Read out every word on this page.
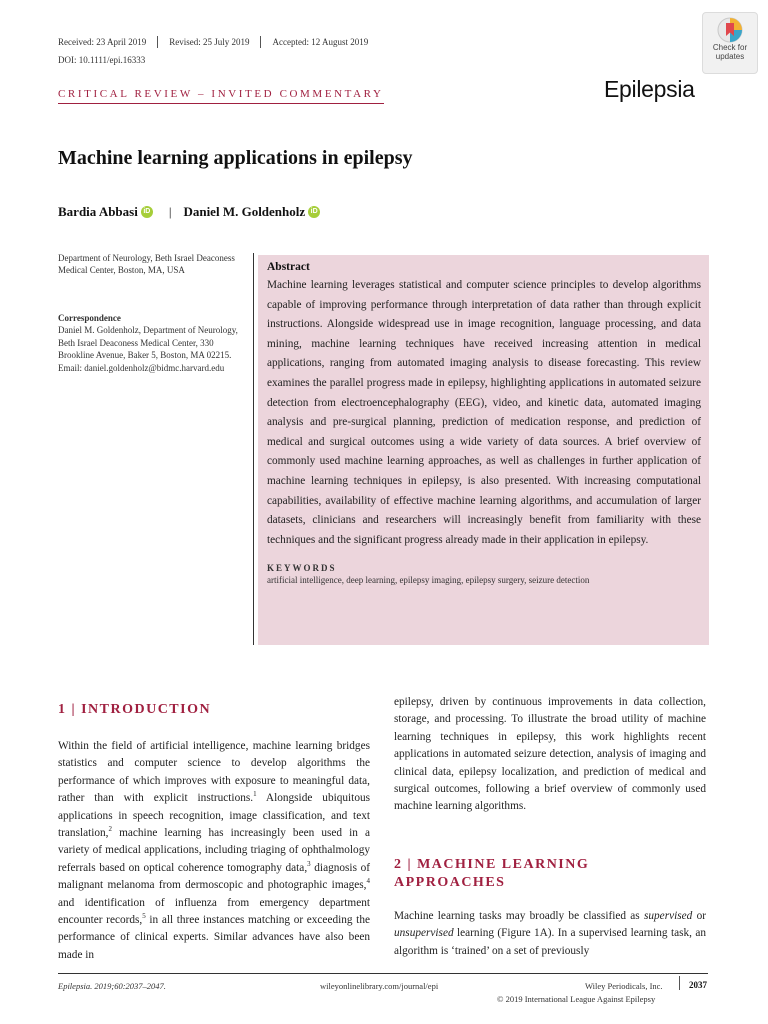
Received: 23 April 2019	Revised: 25 July 2019	Accepted: 12 August 2019
DOI: 10.1111/epi.16333
Check for
updates
CRITICAL REVIEW – INVITED COMMENTARY	Epilepsia
Machine learning applications in epilepsy
Bardia Abbasi iD | Daniel M. Goldenholz iD
Department of Neurology, Beth Israel Deaconess Medical Center, Boston, MA, USA
Correspondence
Daniel M. Goldenholz, Department of Neurology, Beth Israel Deaconess Medical Center, 330 Brookline Avenue, Baker 5, Boston, MA 02215.
Email: daniel.goldenholz@bidmc.harvard.edu
Abstract
Machine learning leverages statistical and computer science principles to develop algorithms capable of improving performance through interpretation of data rather than through explicit instructions. Alongside widespread use in image recognition, language processing, and data mining, machine learning techniques have received increasing attention in medical applications, ranging from automated imaging analysis to disease forecasting. This review examines the parallel progress made in epilepsy, highlighting applications in automated seizure detection from electroencephalography (EEG), video, and kinetic data, automated imaging analysis and pre-surgical planning, prediction of medication response, and prediction of medical and surgical outcomes using a wide variety of data sources. A brief overview of commonly used machine learning approaches, as well as challenges in further application of machine learning techniques in epilepsy, is also presented. With increasing computational capabilities, availability of effective machine learning algorithms, and accumulation of larger datasets, clinicians and researchers will increasingly benefit from familiarity with these techniques and the significant progress already made in their application in epilepsy.
KEYWORDS
artificial intelligence, deep learning, epilepsy imaging, epilepsy surgery, seizure detection
1 | INTRODUCTION

Within the field of artificial intelligence, machine learning bridges statistics and computer science to develop algorithms the performance of which improves with exposure to meaningful data, rather than with explicit instructions.$^1$ Alongside ubiquitous applications in speech recognition, image classification, and text translation,$^2$ machine learning has increasingly been used in a variety of medical applications, including triaging of ophthalmology referrals based on optical coherence tomography data,$^3$ diagnosis of malignant melanoma from dermoscopic and photographic images,$^4$ and identification of influenza from emergency department encounter records,$^5$ in all three instances matching or exceeding the performance of clinical experts. Similar advances have also been made in

epilepsy, driven by continuous improvements in data collection, storage, and processing. To illustrate the broad utility of machine learning techniques in epilepsy, this work highlights recent applications in automated seizure detection, analysis of imaging and clinical data, epilepsy localization, and prediction of medical and surgical outcomes, following a brief overview of commonly used machine learning algorithms.
2 | MACHINE LEARNING
APPROACHES

Machine learning tasks may broadly be classified as supervised or unsupervised learning (Figure 1A). In a supervised learning task, an algorithm is ‘trained’ on a set of previously

Epilepsia. 2019;60:2037–2047.	wileyonlinelibrary.com/journal/epi	Wiley Periodicals, Inc.	2037
© 2019 International League Against Epilepsy
